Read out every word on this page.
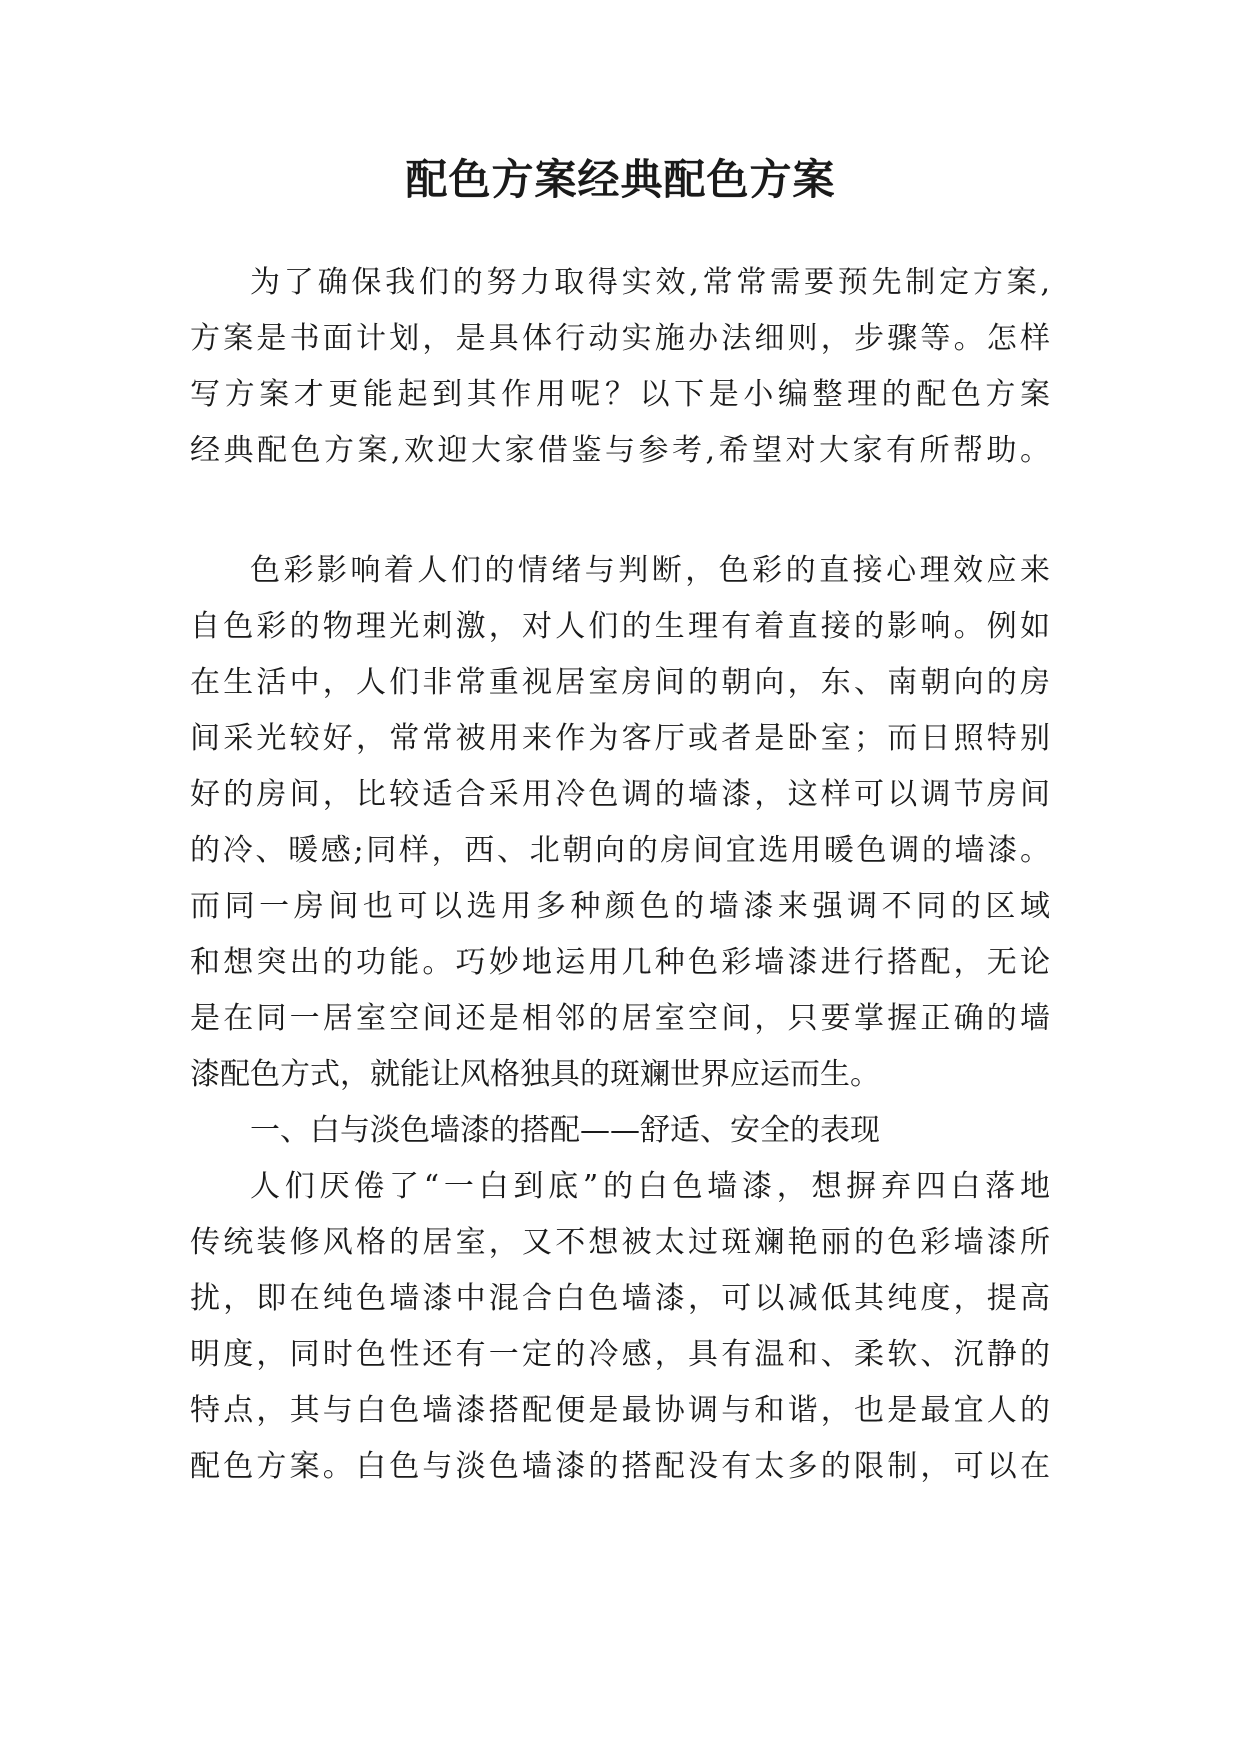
配色方案经典配色方案

为了确保我们的努力取得实效,常常需要预先制定方案,

方案是书面计划，是具体行动实施办法细则，步骤等。怎样

写方案才更能起到其作用呢？以下是小编整理的配色方案

经典配色方案,欢迎大家借鉴与参考,希望对大家有所帮助。

色彩影响着人们的情绪与判断，色彩的直接心理效应来

自色彩的物理光刺激，对人们的生理有着直接的影响。例如

在生活中，人们非常重视居室房间的朝向，东、南朝向的房

间采光较好，常常被用来作为客厅或者是卧室；而日照特别

好的房间，比较适合采用冷色调的墙漆，这样可以调节房间

的冷、暖感;同样，西、北朝向的房间宜选用暖色调的墙漆。

而同一房间也可以选用多种颜色的墙漆来强调不同的区域

和想突出的功能。巧妙地运用几种色彩墙漆进行搭配，无论

是在同一居室空间还是相邻的居室空间，只要掌握正确的墙

漆配色方式，就能让风格独具的斑斓世界应运而生。

一、白与淡色墙漆的搭配——舒适、安全的表现

人们厌倦了“一白到底”的白色墙漆，想摒弃四白落地

传统装修风格的居室，又不想被太过斑斓艳丽的色彩墙漆所

扰，即在纯色墙漆中混合白色墙漆，可以减低其纯度，提高

明度，同时色性还有一定的冷感，具有温和、柔软、沉静的

特点，其与白色墙漆搭配便是最协调与和谐，也是最宜人的

配色方案。白色与淡色墙漆的搭配没有太多的限制，可以在
